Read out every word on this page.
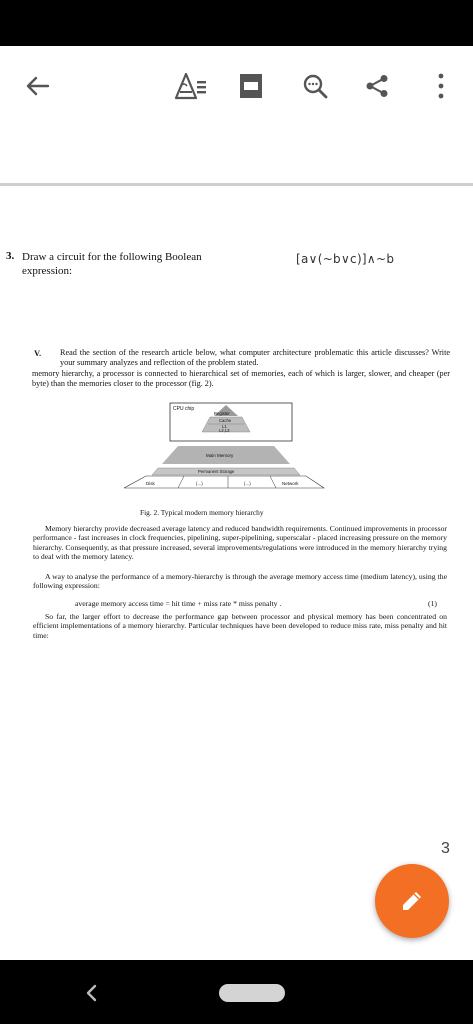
3. Draw a circuit for the following Boolean expression:
[a∨(~b∨c)]∧~b
V.	Read the section of the research article below, what computer architecture problematic this article discusses? Write your summary analyzes and reflection of the problem stated.
memory hierarchy, a processor is connected to hierarchical set of memories, each of which is larger, slower, and cheaper (per byte) than the memories closer to the processor (fig. 2).
CPU chip
Register
Cache
L1
L2,L3
Main Memory
Permanent Storage
Disk	(...)	(...)	Network
Fig. 2. Typical modern memory hierarchy

Memory hierarchy provide decreased average latency and reduced bandwidth requirements. Continued improvements in processor performance - fast increases in clock frequencies, pipelining, super-pipelining, superscalar - placed increasing pressure on the memory hierarchy. Consequently, as that pressure increased, several improvements/regulations were introduced in the memory hierarchy trying to deal with the memory latency.

A way to analyse the performance of a memory-hierarchy is through the average memory access time (medium latency), using the following expression:

average memory access time = hit time + miss rate * miss penalty .	(1)

So far, the larger effort to decrease the performance gap between processor and physical memory has been concentrated on efficient implementations of a memory hierarchy. Particular techniques have been developed to reduce miss rate, miss penalty and hit time:

3
